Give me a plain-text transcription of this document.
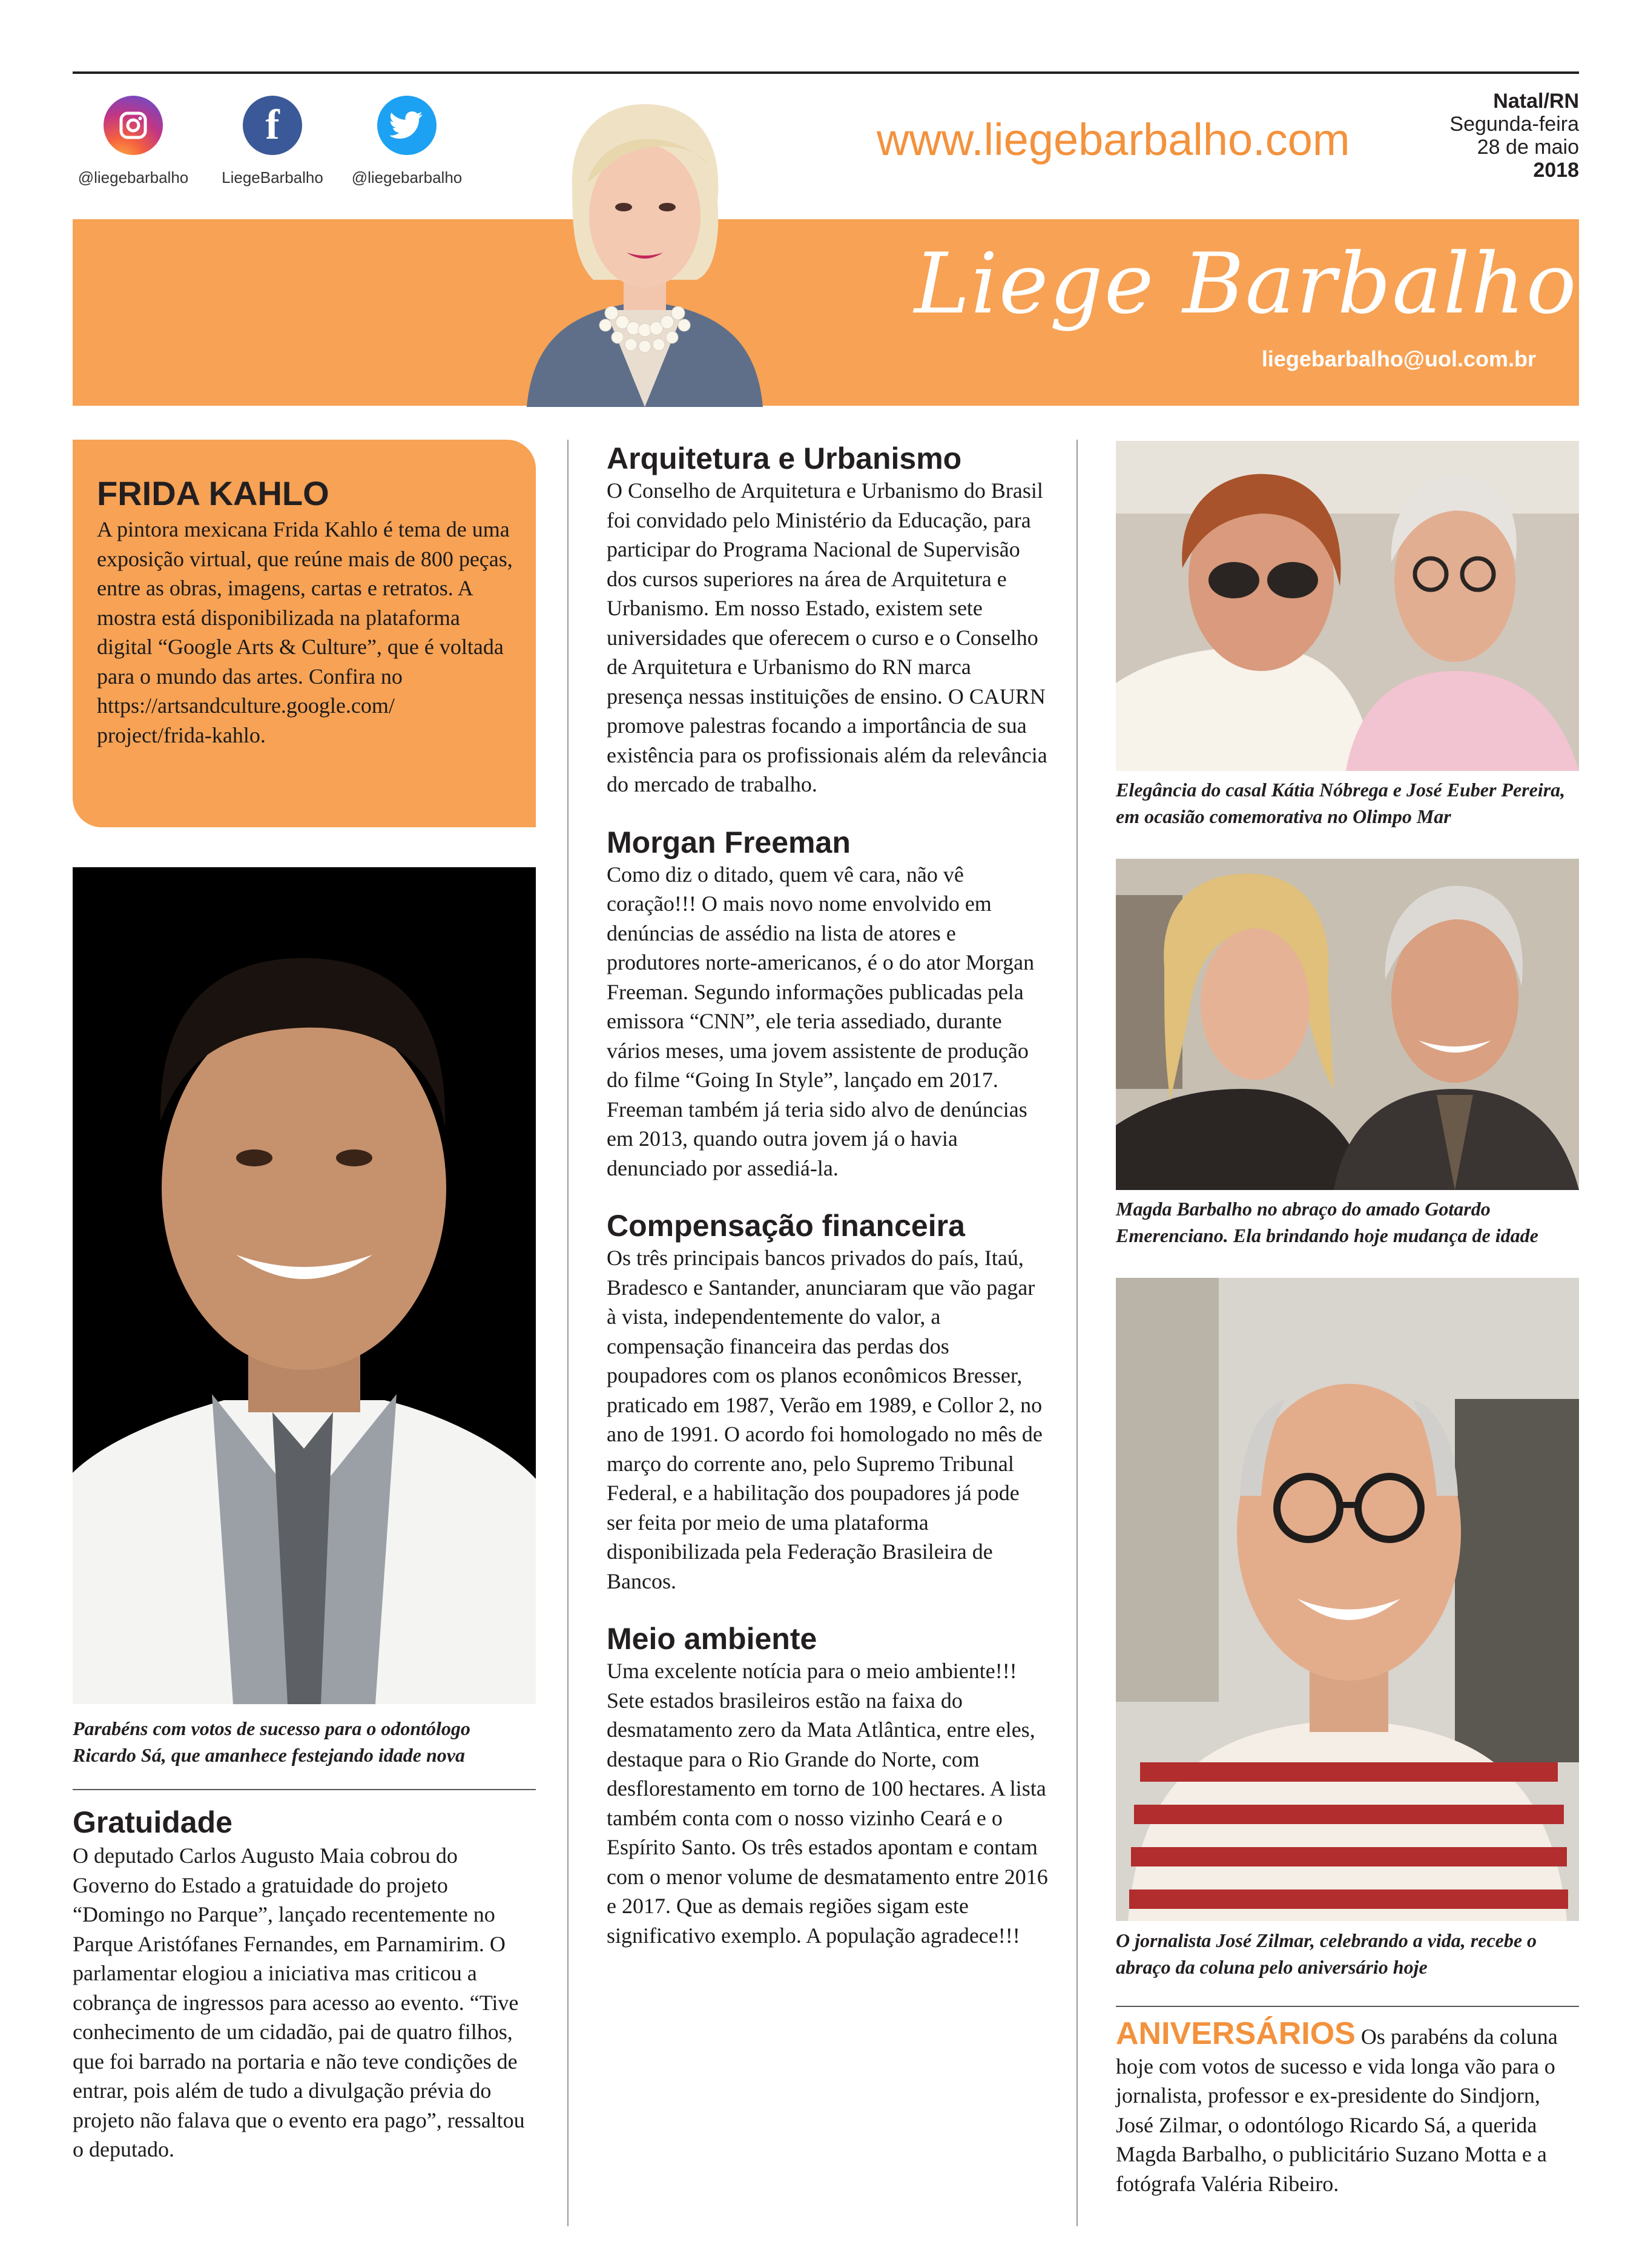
@liegebarbalho
f
LiegeBarbalho	@liegebarbalho
www.liegebarbalho.com
Natal/RN
Segunda-feira
28 de maio
2018
Liege Barbalho
liegebarbalho@uol.com.br
FRIDA KAHLO
A pintora mexicana Frida Kahlo é tema de uma exposição virtual, que reúne mais de 800 peças, entre as obras, imagens, cartas e retratos. A mostra está disponibilizada na plataforma digital “Google Arts & Culture”, que é voltada para o mundo das artes. Confira no https://artsandculture.google.com/ project/frida-kahlo.
Parabéns com votos de sucesso para o odontólogo Ricardo Sá, que amanhece festejando idade nova
Gratuidade
O deputado Carlos Augusto Maia cobrou do Governo do Estado a gratuidade do projeto “Domingo no Parque”, lançado recentemente no Parque Aristófanes Fernandes, em Parnamirim. O parlamentar elogiou a iniciativa mas criticou a cobrança de ingressos para acesso ao evento. “Tive conhecimento de um cidadão, pai de quatro filhos, que foi barrado na portaria e não teve condições de entrar, pois além de tudo a divulgação prévia do projeto não falava que o evento era pago”, ressaltou o deputado.
Arquitetura e Urbanismo
O Conselho de Arquitetura e Urbanismo do Brasil foi convidado pelo Ministério da Educação, para participar do Programa Nacional de Supervisão dos cursos superiores na área de Arquitetura e Urbanismo. Em nosso Estado, existem sete universidades que oferecem o curso e o Conselho de Arquitetura e Urbanismo do RN marca presença nessas instituições de ensino. O CAURN promove palestras focando a importância de sua existência para os profissionais além da relevância do mercado de trabalho.
Morgan Freeman
Como diz o ditado, quem vê cara, não vê coração!!! O mais novo nome envolvido em denúncias de assédio na lista de atores e produtores norte-americanos, é o do ator Morgan Freeman. Segundo informações publicadas pela emissora “CNN”, ele teria assediado, durante vários meses, uma jovem assistente de produção do filme “Going In Style”, lançado em 2017. Freeman também já teria sido alvo de denúncias em 2013, quando outra jovem já o havia denunciado por assediá-la.
Compensação financeira
Os três principais bancos privados do país, Itaú, Bradesco e Santander, anunciaram que vão pagar à vista, independentemente do valor, a compensação financeira das perdas dos poupadores com os planos econômicos Bresser, praticado em 1987, Verão em 1989, e Collor 2, no ano de 1991. O acordo foi homologado no mês de março do corrente ano, pelo Supremo Tribunal Federal, e a habilitação dos poupadores já pode ser feita por meio de uma plataforma disponibilizada pela Federação Brasileira de Bancos.
Meio ambiente
Uma excelente notícia para o meio ambiente!!! Sete estados brasileiros estão na faixa do desmatamento zero da Mata Atlântica, entre eles, destaque para o Rio Grande do Norte, com desflorestamento em torno de 100 hectares. A lista também conta com o nosso vizinho Ceará e o Espírito Santo. Os três estados apontam e contam com o menor volume de desmatamento entre 2016 e 2017. Que as demais regiões sigam este significativo exemplo. A população agradece!!!
Elegância do casal Kátia Nóbrega e José Euber Pereira, em ocasião comemorativa no Olimpo Mar
Magda Barbalho no abraço do amado Gotardo Emerenciano. Ela brindando hoje mudança de idade
O jornalista José Zilmar, celebrando a vida, recebe o abraço da coluna pelo aniversário hoje
ANIVERSÁRIOS Os parabéns da coluna hoje com votos de sucesso e vida longa vão para o jornalista, professor e ex-presidente do Sindjorn, José Zilmar, o odontólogo Ricardo Sá, a querida Magda Barbalho, o publicitário Suzano Motta e a fotógrafa Valéria Ribeiro.
